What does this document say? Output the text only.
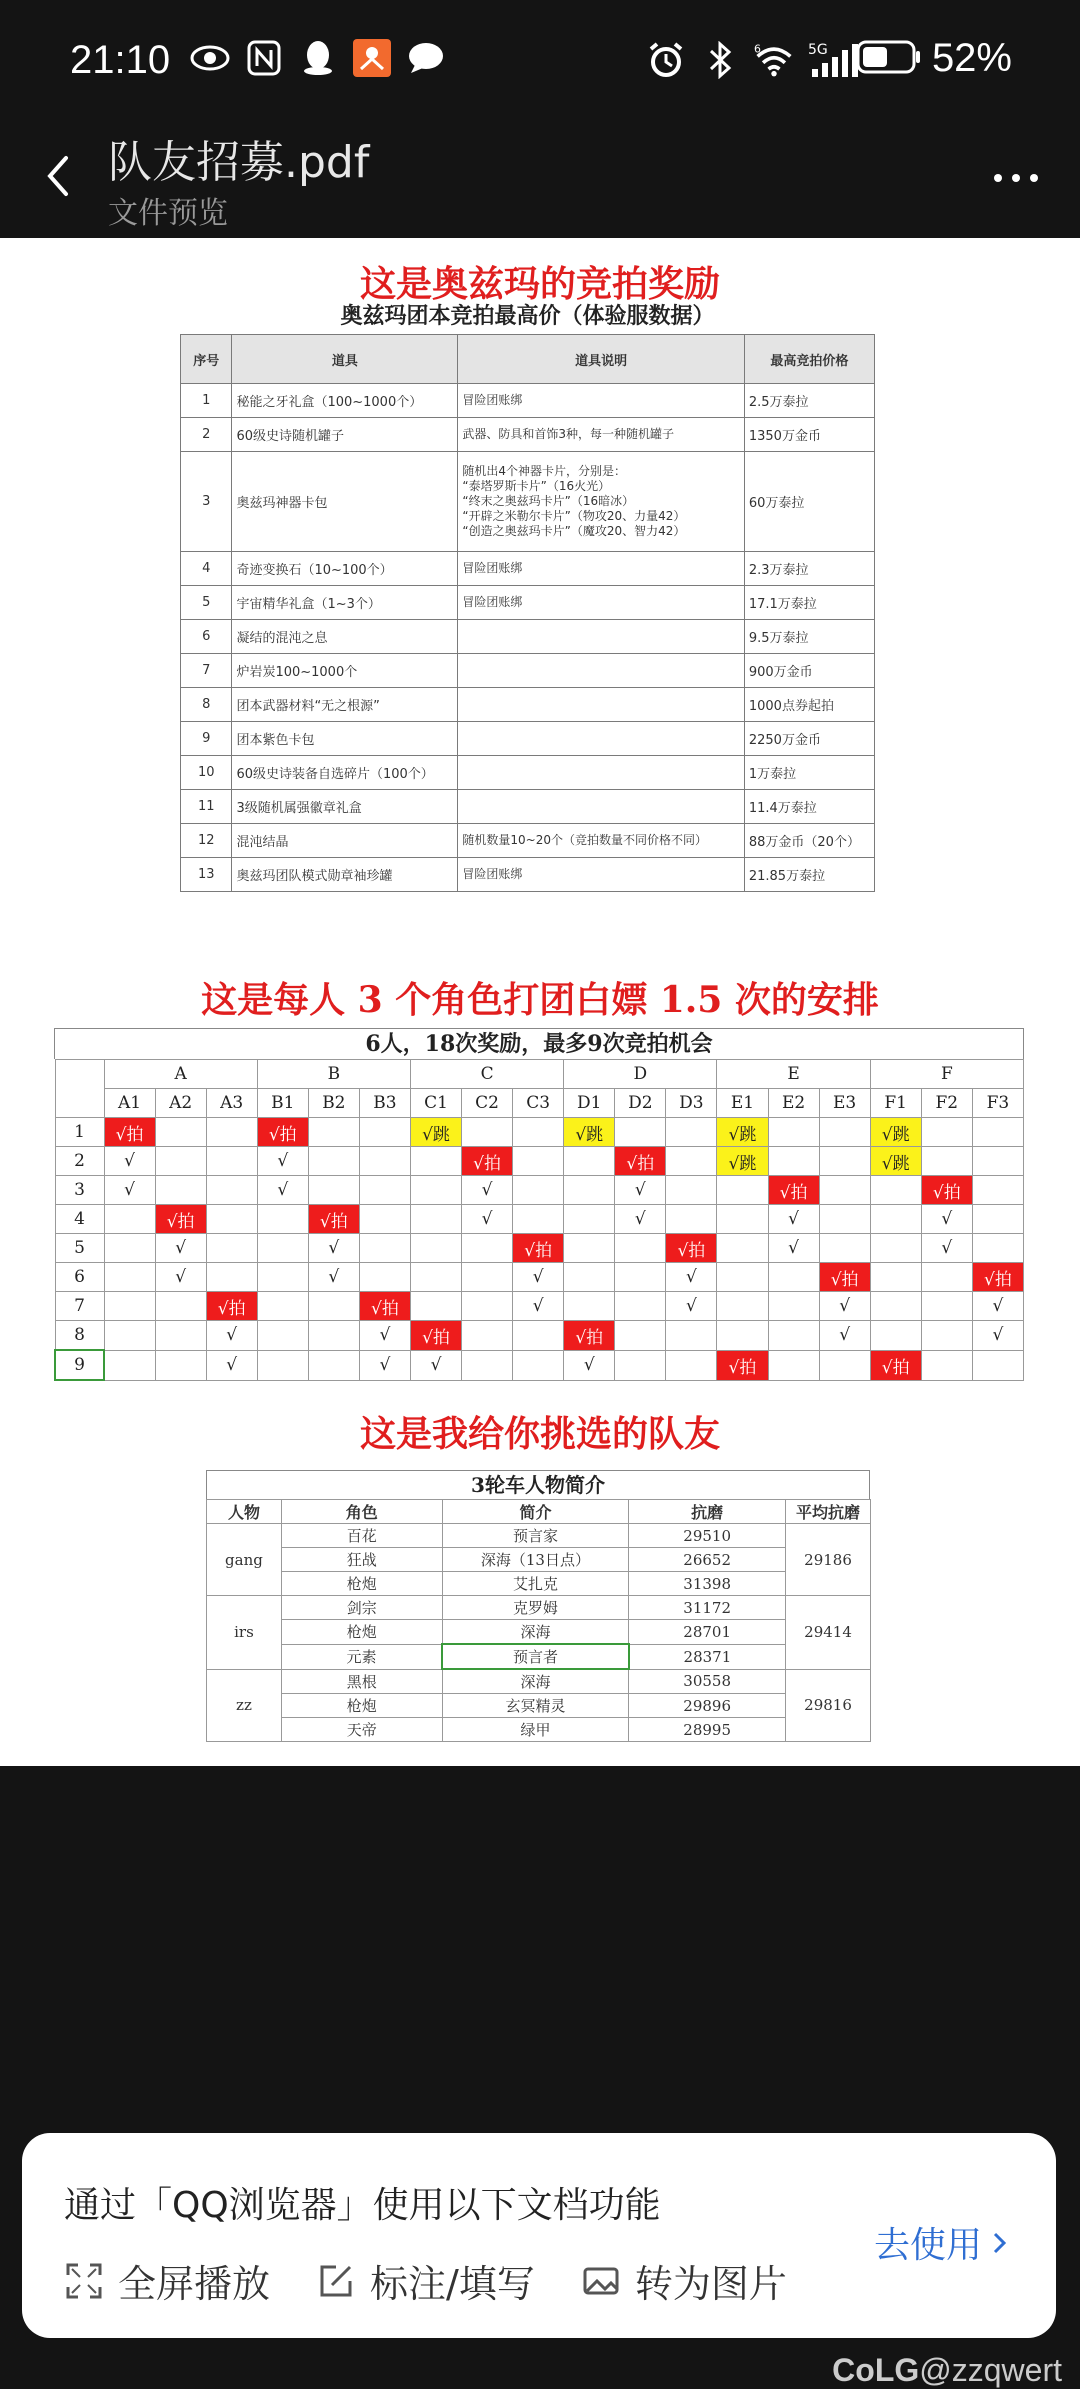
21:10	6	5G	52%
队友招募.pdf
文件预览
这是奥兹玛的竞拍奖励
奥兹玛团本竞拍最高价（体验服数据）
序号	道具	道具说明	最高竞拍价格
1	秘能之牙礼盒（100~1000个）	冒险团账绑	2.5万泰拉
2	60级史诗随机罐子	武器、防具和首饰3种，每一种随机罐子	1350万金币
3	奥兹玛神器卡包	随机出4个神器卡片，分别是：
“泰塔罗斯卡片”（16火光）
“终末之奥兹玛卡片”（16暗冰）
“开辟之米勒尔卡片”（物攻20、力量42）
“创造之奥兹玛卡片”（魔攻20、智力42）	60万泰拉
4	奇迹变换石（10~100个）	冒险团账绑	2.3万泰拉
5	宇宙精华礼盒（1~3个）	冒险团账绑	17.1万泰拉
6	凝结的混沌之息		9.5万泰拉
7	炉岩炭100~1000个		900万金币
8	团本武器材料“无之根源”		1000点券起拍
9	团本紫色卡包		2250万金币
10	60级史诗装备自选碎片（100个）		1万泰拉
11	3级随机属强徽章礼盒		11.4万泰拉
12	混沌结晶	随机数量10~20个（竞拍数量不同价格不同）	88万金币（20个）
13	奥兹玛团队模式勋章袖珍罐	冒险团账绑	21.85万泰拉
这是每人 3 个角色打团白嫖 1.5 次的安排
6人，18次奖励，最多9次竞拍机会
	A			B			C			D			E			F		
	A1	A2	A3	B1	B2	B3	C1	C2	C3	D1	D2	D3	E1	E2	E3	F1	F2	F3
1	√拍			√拍			√跳			√跳			√跳			√跳		
2	√			√				√拍			√拍		√跳			√跳		
3	√			√				√			√			√拍			√拍	
4		√拍			√拍			√			√			√			√	
5		√			√				√拍			√拍		√			√	
6		√			√				√			√			√拍			√拍
7			√拍			√拍			√			√			√			√
8			√			√	√拍			√拍					√			√
9			√			√	√			√			√拍			√拍		
这是我给你挑选的队友
3轮车人物简介
人物	角色	简介	抗磨	平均抗磨
gang	百花	预言家	29510	29186
	狂战	深海（13日点）	26652	
	枪炮	艾扎克	31398	
irs	剑宗	克罗姆	31172	29414
	枪炮	深海	28701	
	元素	预言者	28371	
zz	黑根	深海	30558	29816
	枪炮	玄冥精灵	29896	
	天帝	绿甲	28995	
通过「QQ浏览器」使用以下文档功能
全屏播放	标注/填写	转为图片
去使用
CoLG@zzqwert
